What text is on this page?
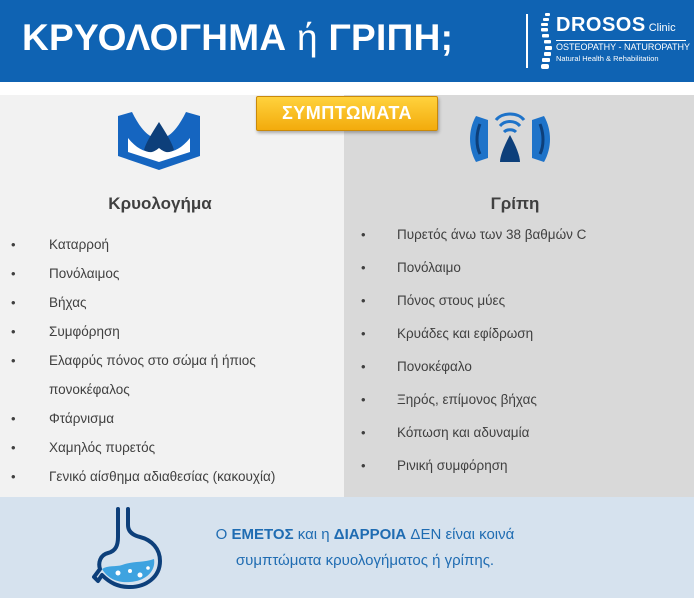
ΚΡΥΟΛΟΓΗΜΑ ή ΓΡΙΠΗ;	DROSOS Clinic
OSTEOPATHY - NATUROPATHY
Natural Health & Rehabilitation
ΣΥΜΠΤΩΜΑΤΑ
Κρυολογήμα	Γρίπη
• Καταρροή
• Πονόλαιμος
• Βήχας
• Συμφόρηση
• Ελαφρύς πόνος στο σώμα ή ήπιος
πονοκέφαλος
• Φτάρνισμα
• Χαμηλός πυρετός
• Γενικό αίσθημα αδιαθεσίας (κακουχία)
• Πυρετός άνω των 38 βαθμών C
• Πονόλαιμο
• Πόνος στους μύες
• Κρυάδες και εφίδρωση
• Πονοκέφαλο
• Ξηρός, επίμονος βήχας
• Κόπωση και αδυναμία
• Ρινική συμφόρηση
Ο ΕΜΕΤΟΣ και η ΔΙΑΡΡΟΙΑ ΔΕΝ είναι κοινά
συμπτώματα κρυολογήματος ή γρίπης.
